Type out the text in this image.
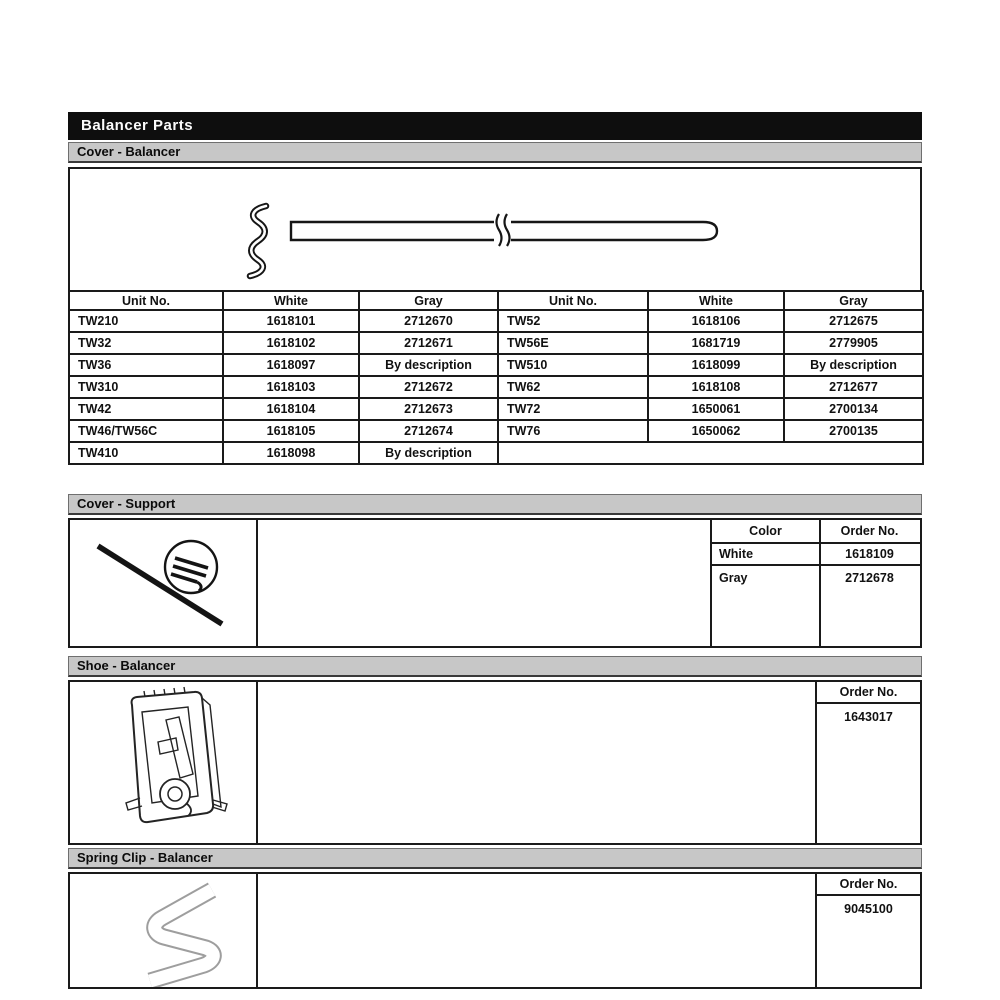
Balancer Parts
Cover - Balancer
Unit No.	White	Gray	Unit No.	White	Gray
TW210	1618101	2712670	TW52	1618106	2712675
TW32	1618102	2712671	TW56E	1681719	2779905
TW36	1618097	By description	TW510	1618099	By description
TW310	1618103	2712672	TW62	1618108	2712677
TW42	1618104	2712673	TW72	1650061	2700134
TW46/TW56C	1618105	2712674	TW76	1650062	2700135
TW410	1618098	By description			
Cover - Support
Color	Order No.
White	1618109
Gray	2712678
Shoe - Balancer
Order No.
1643017
Spring Clip - Balancer
Order No.
9045100
